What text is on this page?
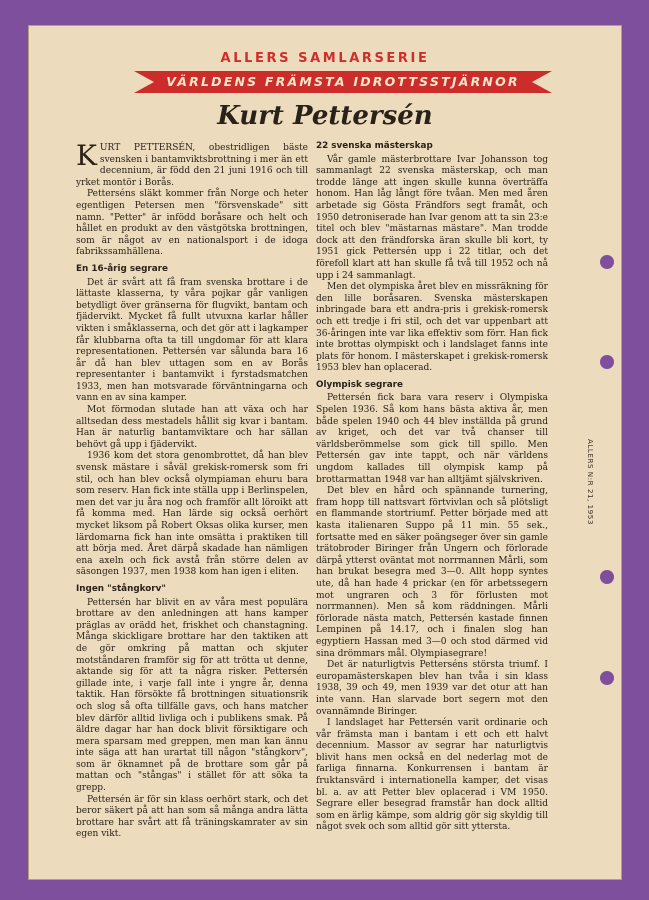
ALLERS SAMLARSERIE
VÄRLDENS FRÄMSTA IDROTTSSTJÄRNOR
Kurt Pettersén

KURT PETTERSÉN, obestridligen bäste svensken i bantamviktsbrottning i mer än ett decennium, är född den 21 juni 1916 och till yrket montör i Borås.

Petterséns släkt kommer från Norge och heter egentligen Petersen men "försvenskade" sitt namn. "Petter" är infödd boråsare och helt och hållet en produkt av den västgötska brottningen, som är något av en nationalsport i de idoga fabrikssamhällena.

En 16-årig segrare

Det är svårt att få fram svenska brottare i de lättaste klasserna, ty våra pojkar går vanligen betydligt över gränserna för flugvikt, bantam och fjädervikt. Mycket få fullt utvuxna karlar håller vikten i småklasserna, och det gör att i lagkamper får klubbarna ofta ta till ungdomar för att klara representationen. Pettersén var sålunda bara 16 år då han blev uttagen som en av Borås representanter i bantamvikt i fyrstadsmatchen 1933, men han motsvarade förväntningarna och vann en av sina kamper.

Mot förmodan slutade han att växa och har alltsedan dess mestadels hållit sig kvar i bantam. Han är naturlig bantamviktare och har sällan behövt gå upp i fjädervikt.

1936 kom det stora genombrottet, då han blev svensk mästare i såväl grekisk-romersk som fri stil, och han blev också olympiaman ehuru bara som reserv. Han fick inte ställa upp i Berlinspelen, men det var ju åra nog och framför allt löroikt att få komma med. Han lärde sig också oerhört mycket liksom på Robert Oksas olika kurser, men lärdomarna fick han inte omsätta i praktiken till att börja med. Året därpå skadade han nämligen ena axeln och fick avstå från större delen av säsongen 1937, men 1938 kom han igen i eliten.

Ingen "stångkorv"

Pettersén har blivit en av våra mest populära brottare av den anledningen att hans kamper präglas av orädd het, friskhet och chanstagning. Många skickligare brottare har den taktiken att de gör omkring på mattan och skjuter motståndaren framför sig för att trötta ut denne, aktande sig för att ta några risker. Pettersén gillade inte, i varje fall inte i yngre år, denna taktik. Han försökte få brottningen situationsrik och slog så ofta tillfälle gavs, och hans matcher blev därför alltid livliga och i publikens smak. På äldre dagar har han dock blivit försiktigare och mera sparsam med greppen, men man kan ännu inte säga att han urartat till någon "stångkorv", som är öknamnet på de brottare som går på mattan och "stångas" i stället för att söka ta grepp.

Pettersén är för sin klass oerhört stark, och det beror säkert på att han som så många andra lätta brottare har svårt att få träningskamrater av sin egen vikt.

22 svenska mästerskap

Vår gamle mästerbrottare Ivar Johansson tog sammanlagt 22 svenska mästerskap, och man trodde länge att ingen skulle kunna överträffa honom. Han låg långt före tvåan. Men med åren arbetade sig Gösta Frändfors segt framåt, och 1950 detroniserade han Ivar genom att ta sin 23:e titel och blev "mästarnas mästare". Man trodde dock att den frändforska äran skulle bli kort, ty 1951 gick Pettersén upp i 22 titlar, och det förefoll klart att han skulle få två till 1952 och nå upp i 24 sammanlagt.

Men det olympiska året blev en missräkning för den lille boråsaren. Svenska mästerskapen inbringade bara ett andra-pris i grekisk-romersk och ett tredje i fri stil, och det var uppenbart att 36-åringen inte var lika effektiv som förr. Han fick inte brottas olympiskt och i landslaget fanns inte plats för honom. I mästerskapet i grekisk-romersk 1953 blev han oplacerad.

Olympisk segrare

Pettersén fick bara vara reserv i Olympiska Spelen 1936. Så kom hans bästa aktiva år, men både spelen 1940 och 44 blev inställda på grund av kriget, och det var två chanser till världsberömmelse som gick till spillo. Men Pettersén gav inte tappt, och när världens ungdom kallades till olympisk kamp på brottarmattan 1948 var han alltjämt självskriven.

Det blev en hård och spännande turnering, fram hopp till nattsvart förtvivlan och så plötsligt en flammande stortriumf. Petter började med att kasta italienaren Suppo på 11 min. 55 sek., fortsatte med en säker poängseger över sin gamle trätobroder Biringer från Ungern och förlorade därpå ytterst oväntat mot norrmannen Mårli, som han brukat besegra med 3—0. Allt hopp syntes ute, då han hade 4 prickar (en för arbetssegern mot ungraren och 3 för förlusten mot norrmannen). Men så kom räddningen. Mårli förlorade nästa match, Pettersén kastade finnen Lempinen på 14.17, och i finalen slog han egyptiern Hassan med 3—0 och stod därmed vid sina drömmars mål. Olympiasegrare!

Det är naturligtvis Petterséns största triumf. I europamästerskapen blev han tvåa i sin klass 1938, 39 och 49, men 1939 var det otur att han inte vann. Han slarvade bort segern mot den ovannämnde Biringer.

I landslaget har Pettersén varit ordinarie och vår främsta man i bantam i ett och ett halvt decennium. Massor av segrar har naturligtvis blivit hans men också en del nederlag mot de farliga finnarna. Konkurrensen i bantam är fruktansvärd i internationella kamper, det visas bl. a. av att Petter blev oplacerad i VM 1950. Segrare eller besegrad framstår han dock alltid som en ärlig kämpe, som aldrig gör sig skyldig till något svek och som alltid gör sitt yttersta.

ALLERS N:R 21, 1953
